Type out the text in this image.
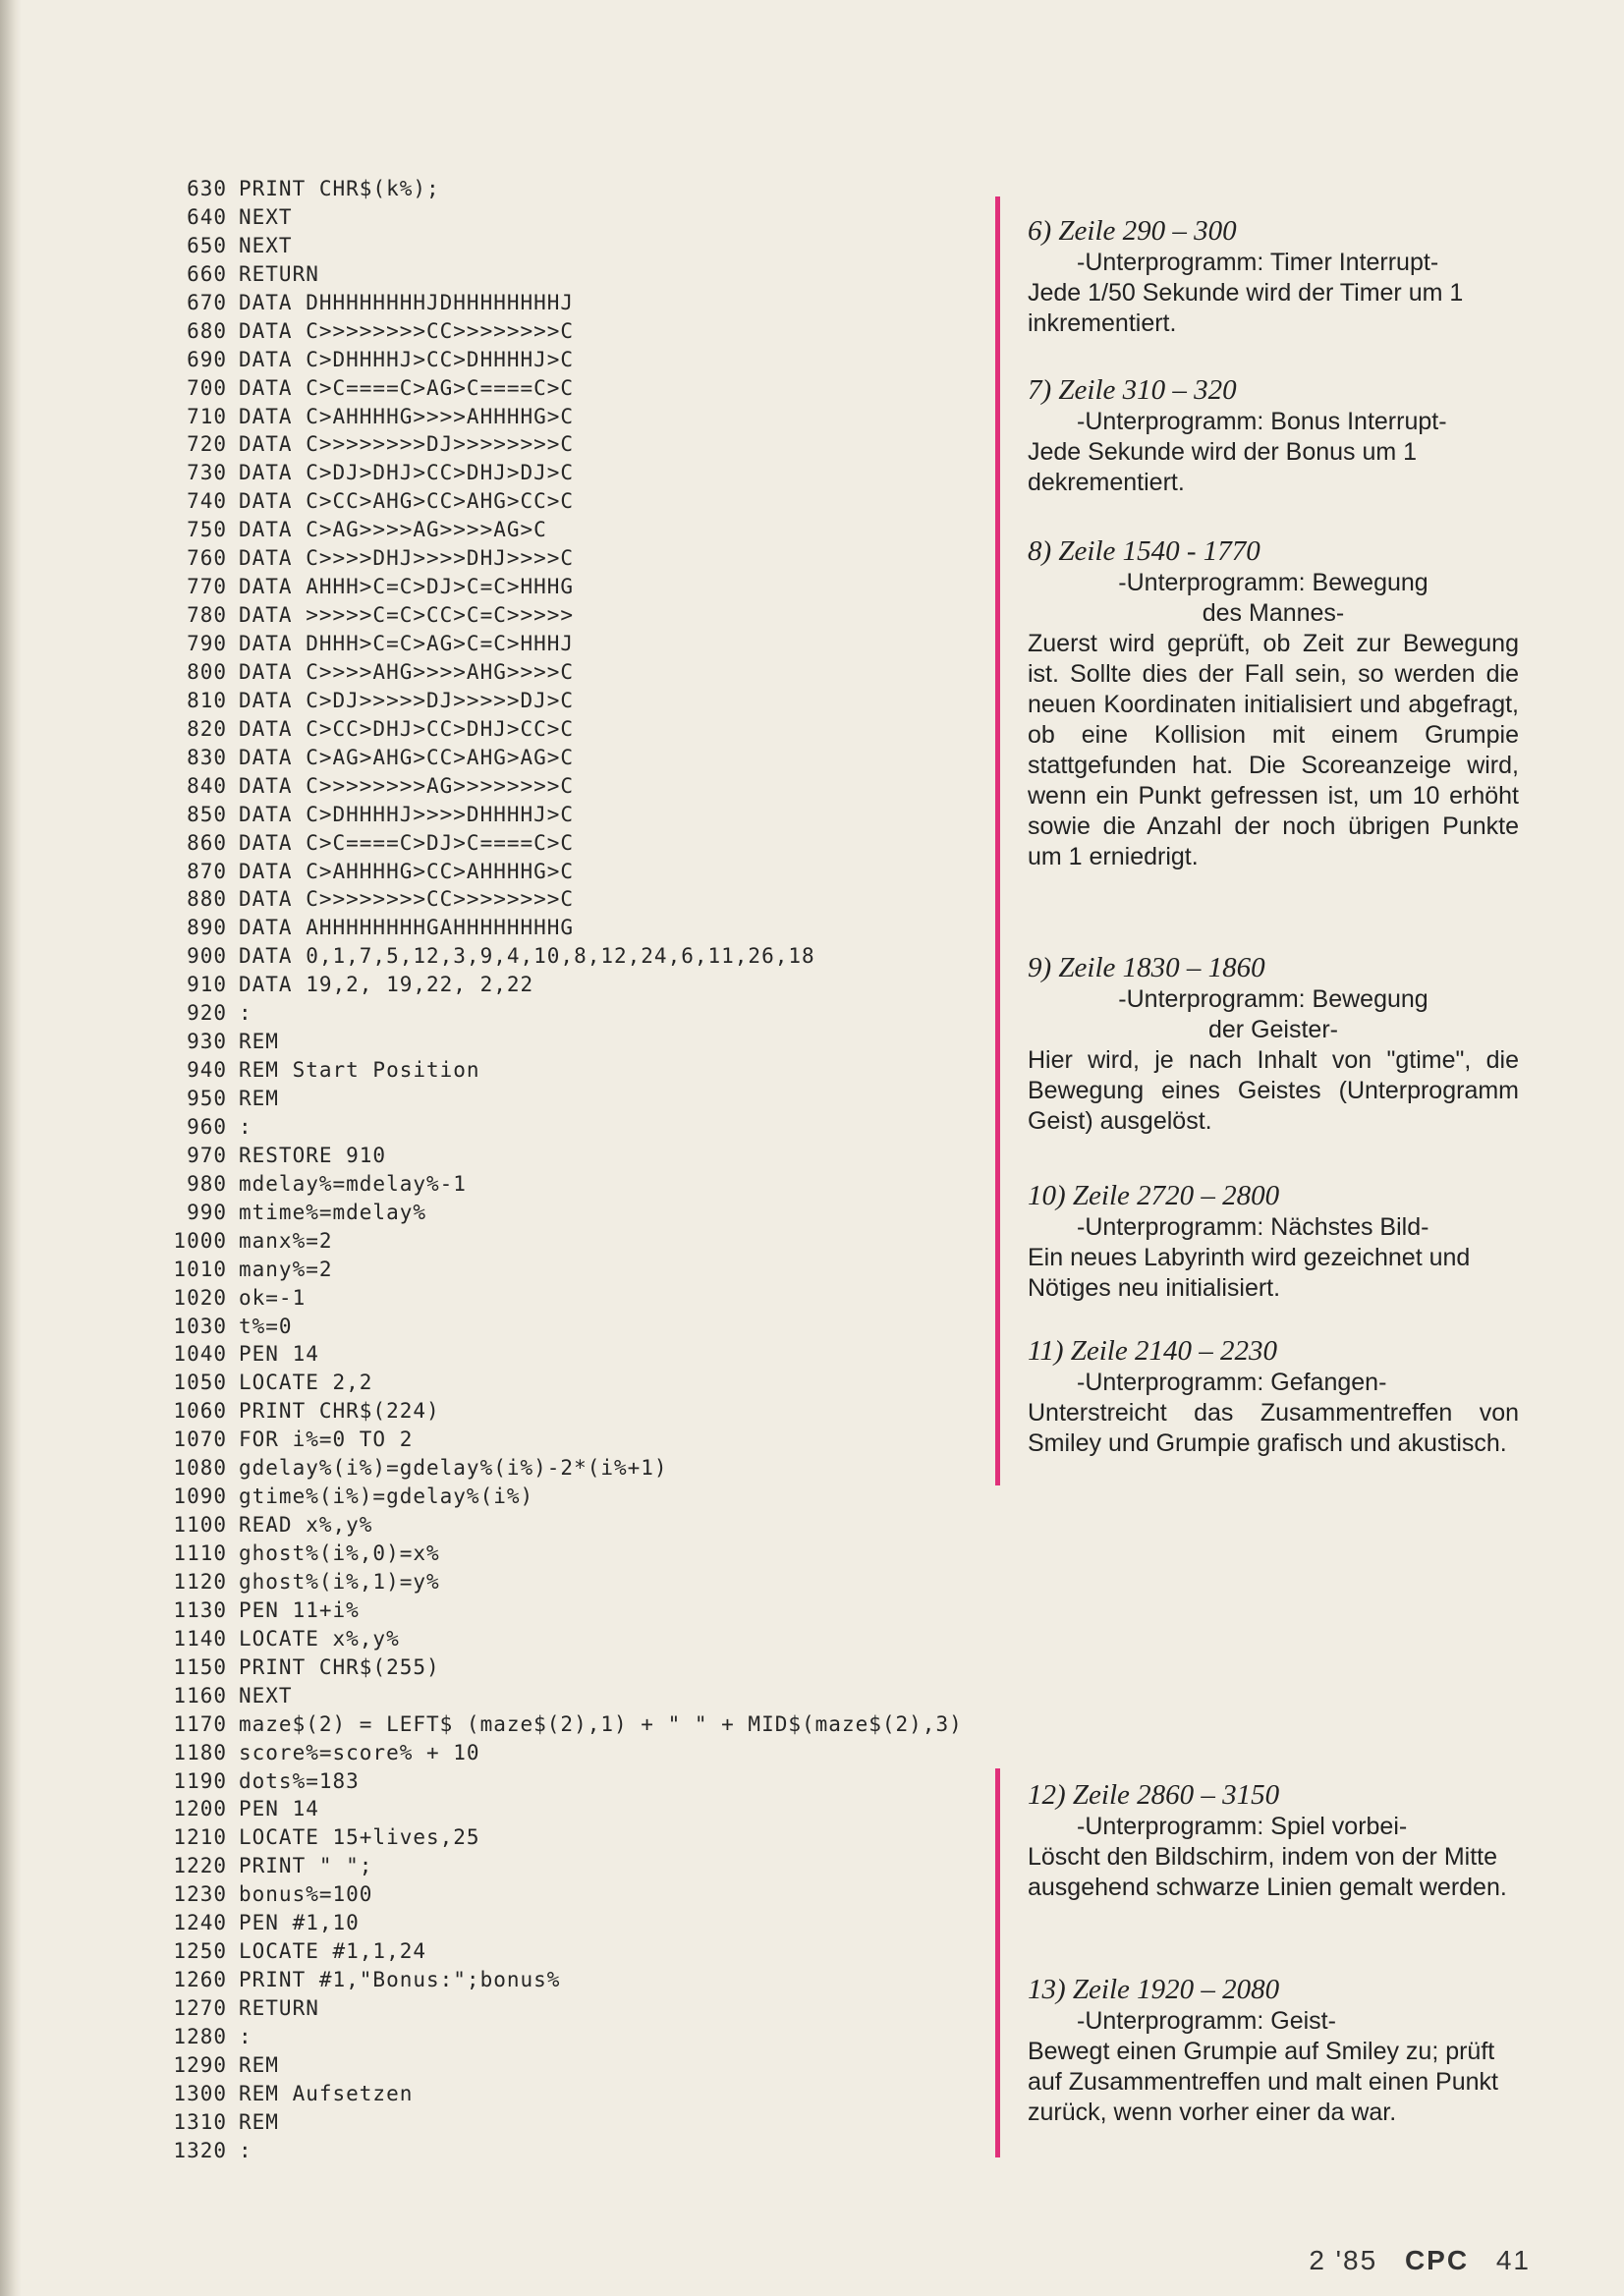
630 PRINT CHR$(k%);
640 NEXT
650 NEXT
660 RETURN
670 DATA DHHHHHHHHJDHHHHHHHHJ
680 DATA C>>>>>>>>CC>>>>>>>>C
690 DATA C>DHHHHJ>CC>DHHHHJ>C
700 DATA C>C====C>AG>C====C>C
710 DATA C>AHHHHG>>>>AHHHHG>C
720 DATA C>>>>>>>>DJ>>>>>>>>C
730 DATA C>DJ>DHJ>CC>DHJ>DJ>C
740 DATA C>CC>AHG>CC>AHG>CC>C
750 DATA C>AG>>>>AG>>>>AG>C
760 DATA C>>>>DHJ>>>>DHJ>>>>C
770 DATA AHHH>C=C>DJ>C=C>HHHG
780 DATA >>>>>C=C>CC>C=C>>>>>
790 DATA DHHH>C=C>AG>C=C>HHHJ
800 DATA C>>>>AHG>>>>AHG>>>>C
810 DATA C>DJ>>>>>DJ>>>>>DJ>C
820 DATA C>CC>DHJ>CC>DHJ>CC>C
830 DATA C>AG>AHG>CC>AHG>AG>C
840 DATA C>>>>>>>>AG>>>>>>>>C
850 DATA C>DHHHHJ>>>>DHHHHJ>C
860 DATA C>C====C>DJ>C====C>C
870 DATA C>AHHHHG>CC>AHHHHG>C
880 DATA C>>>>>>>>CC>>>>>>>>C
890 DATA AHHHHHHHHGAHHHHHHHHG
900 DATA 0,1,7,5,12,3,9,4,10,8,12,24,6,11,26,18
910 DATA 19,2, 19,22, 2,22
920 :
930 REM
940 REM Start Position
950 REM
960 :
970 RESTORE 910
980 mdelay%=mdelay%-1
990 mtime%=mdelay%
1000 manx%=2
1010 many%=2
1020 ok=-1
1030 t%=0
1040 PEN 14
1050 LOCATE 2,2
1060 PRINT CHR$(224)
1070 FOR i%=0 TO 2
1080 gdelay%(i%)=gdelay%(i%)-2*(i%+1)
1090 gtime%(i%)=gdelay%(i%)
1100 READ x%,y%
1110 ghost%(i%,0)=x%
1120 ghost%(i%,1)=y%
1130 PEN 11+i%
1140 LOCATE x%,y%
1150 PRINT CHR$(255)
1160 NEXT
1170 maze$(2) = LEFT$ (maze$(2),1) + " " + MID$(maze$(2),3)
1180 score%=score% + 10
1190 dots%=183
1200 PEN 14
1210 LOCATE 15+lives,25
1220 PRINT " ";
1230 bonus%=100
1240 PEN #1,10
1250 LOCATE #1,1,24
1260 PRINT #1,"Bonus:";bonus%
1270 RETURN
1280 :
1290 REM
1300 REM Aufsetzen
1310 REM
1320 :
6) Zeile 290 – 300
-Unterprogramm: Timer Interrupt-
Jede 1/50 Sekunde wird der Timer um 1 inkrementiert.
7) Zeile 310 – 320
-Unterprogramm: Bonus Interrupt-
Jede Sekunde wird der Bonus um 1 dekrementiert.
8) Zeile 1540 - 1770
-Unterprogramm: Bewegung
des Mannes-
Zuerst wird geprüft, ob Zeit zur Bewegung ist. Sollte dies der Fall sein, so werden die neuen Koordinaten initialisiert und abgefragt, ob eine Kollision mit einem Grumpie stattgefunden hat. Die Scoreanzeige wird, wenn ein Punkt gefressen ist, um 10 erhöht sowie die Anzahl der noch übrigen Punkte um 1 erniedrigt.
9) Zeile 1830 – 1860
-Unterprogramm: Bewegung
der Geister-
Hier wird, je nach Inhalt von "gtime", die Bewegung eines Geistes (Unterprogramm Geist) ausgelöst.
10) Zeile 2720 – 2800
-Unterprogramm: Nächstes Bild-
Ein neues Labyrinth wird gezeichnet und Nötiges neu initialisiert.
11) Zeile 2140 – 2230
-Unterprogramm: Gefangen-
Unterstreicht das Zusammentreffen von Smiley und Grumpie grafisch und akustisch.
12) Zeile 2860 – 3150
-Unterprogramm: Spiel vorbei-
Löscht den Bildschirm, indem von der Mitte ausgehend schwarze Linien gemalt werden.
13) Zeile 1920 – 2080
-Unterprogramm: Geist-
Bewegt einen Grumpie auf Smiley zu; prüft auf Zusammentreffen und malt einen Punkt zurück, wenn vorher einer da war.
2 '85 CPC 41
